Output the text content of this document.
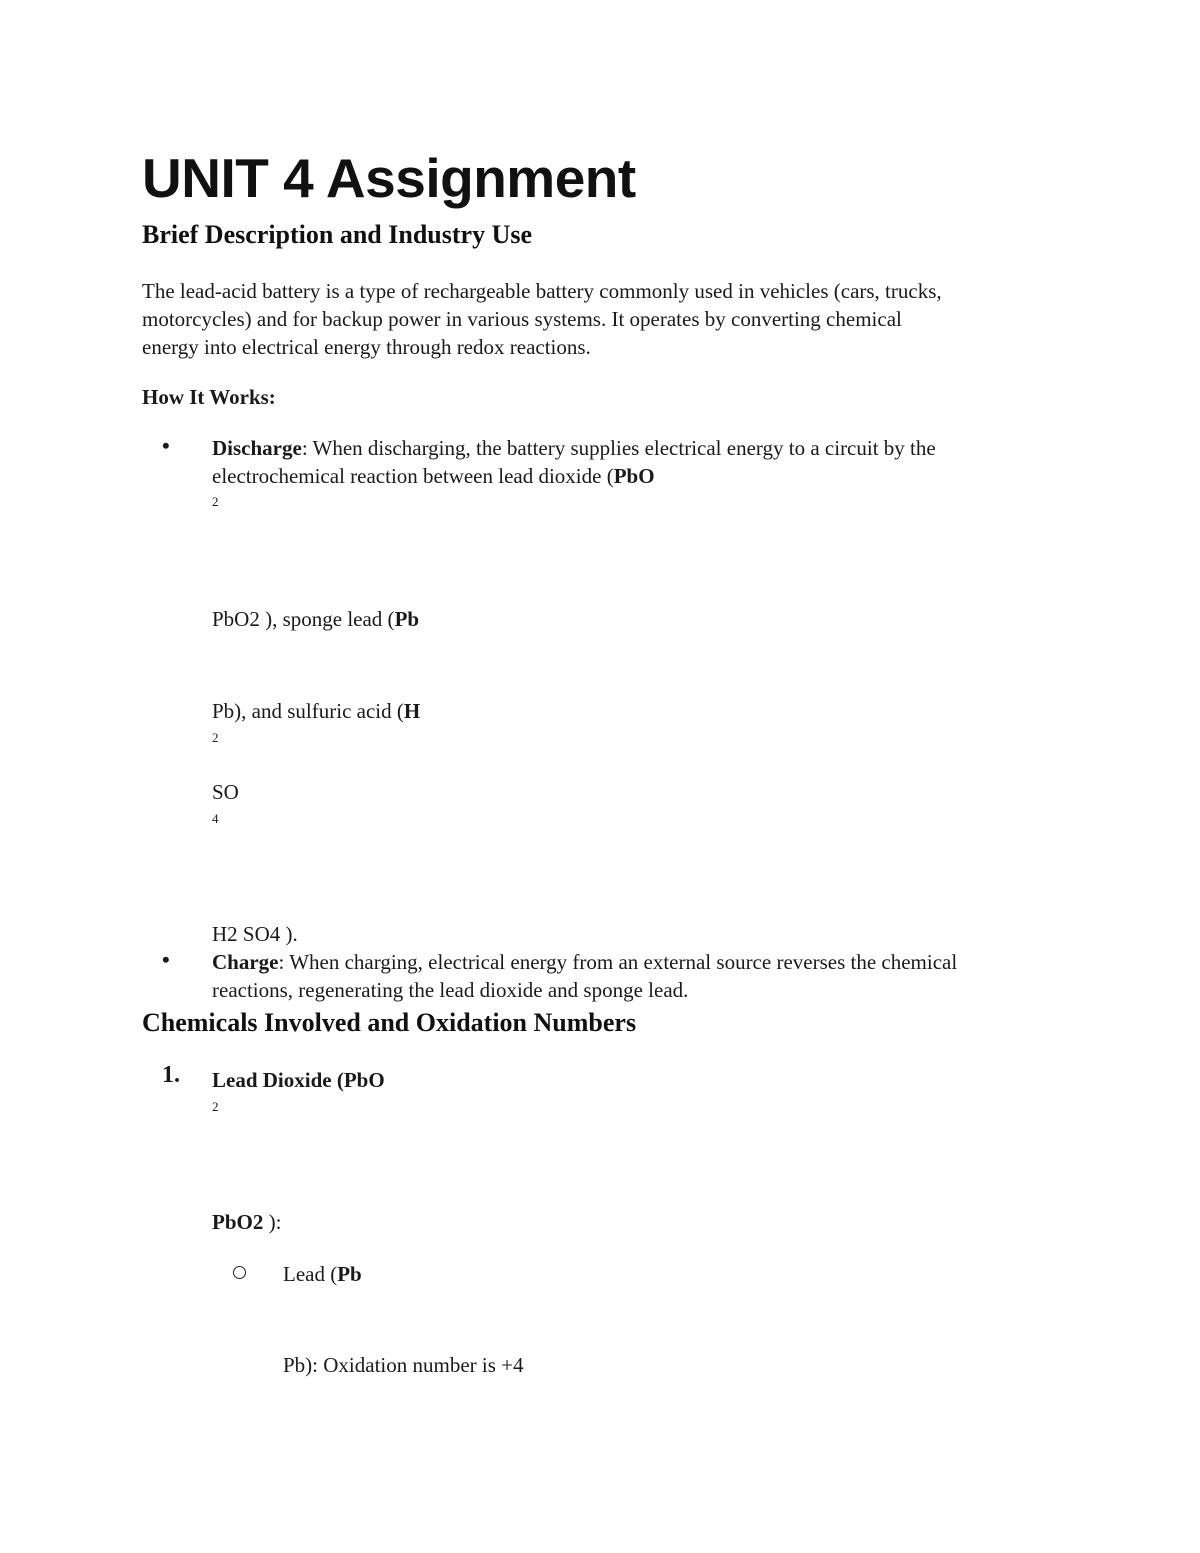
UNIT 4 Assignment
Brief Description and Industry Use
The lead-acid battery is a type of rechargeable battery commonly used in vehicles (cars, trucks,
motorcycles) and for backup power in various systems. It operates by converting chemical
energy into electrical energy through redox reactions.
How It Works:
• Discharge: When discharging, the battery supplies electrical energy to a circuit by the
electrochemical reaction between lead dioxide (PbO
2
PbO2 ), sponge lead (Pb
Pb), and sulfuric acid (H
2
SO
4
H2 SO4 ).
• Charge: When charging, electrical energy from an external source reverses the chemical
reactions, regenerating the lead dioxide and sponge lead.
Chemicals Involved and Oxidation Numbers
1. Lead Dioxide (PbO
2
PbO2 ):
Lead (Pb
Pb): Oxidation number is +4
